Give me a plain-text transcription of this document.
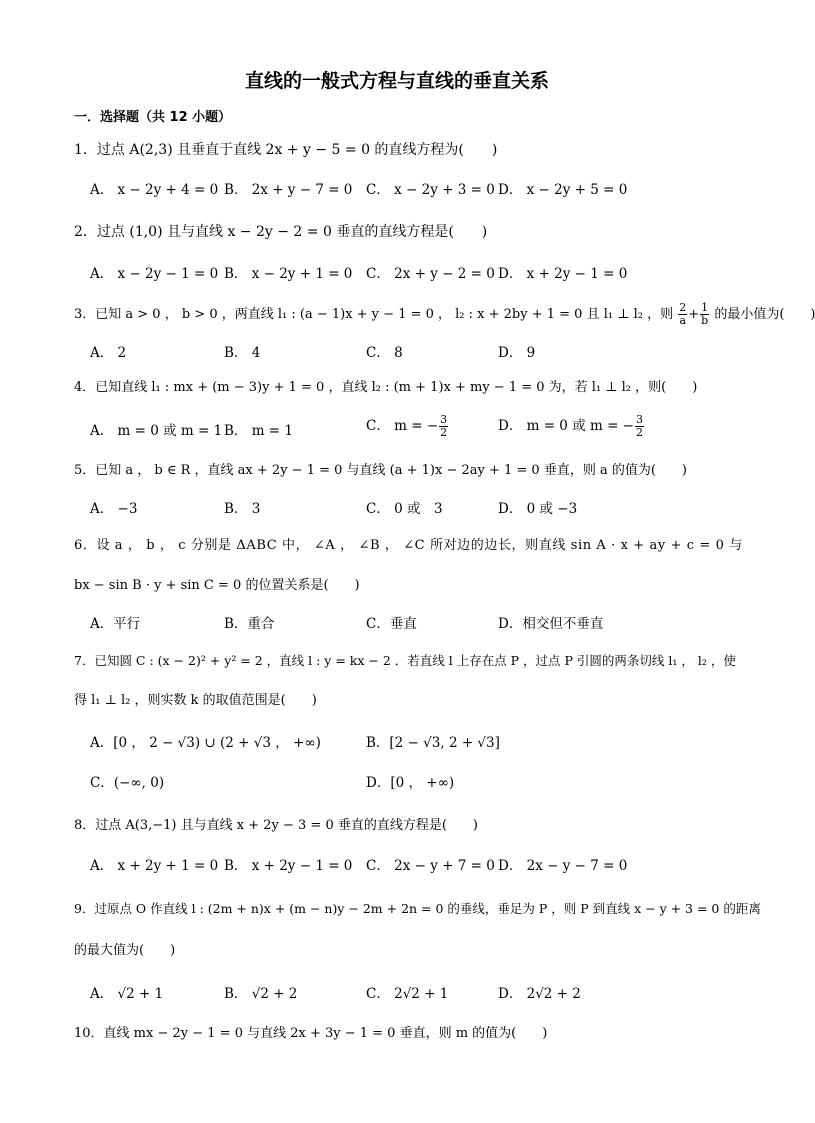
直线的一般式方程与直线的垂直关系
一．选择题（共 12 小题）
1．过点 A(2,3) 且垂直于直线 2x + y − 5 = 0 的直线方程为(　　)
A． x − 2y + 4 = 0 B． 2x + y − 7 = 0 C． x − 2y + 3 = 0 D． x − 2y + 5 = 0
2．过点 (1,0) 且与直线 x − 2y − 2 = 0 垂直的直线方程是(　　)
A． x − 2y − 1 = 0 B． x − 2y + 1 = 0 C． 2x + y − 2 = 0 D． x + 2y − 1 = 0
3．已知 a > 0 ， b > 0 ，两直线 l₁ : (a − 1)x + y − 1 = 0 ， l₂ : x + 2by + 1 = 0 且 l₁ ⊥ l₂ ，则 $\frac{2}{a} + \frac{1}{b}$ 的最小值为(　　)
A． 2	B． 4	C． 8	D． 9
4．已知直线 l₁ : mx + (m − 3)y + 1 = 0 ，直线 l₂ : (m + 1)x + my − 1 = 0 为，若 l₁ ⊥ l₂ ，则(　　)
A． m = 0 或 m = 1 B． m = 1	C． m = − $\frac{3}{2}$	D． m = 0 或 m = − $\frac{3}{2}$
5．已知 a ， b ∈ R ，直线 ax + 2y − 1 = 0 与直线 (a + 1)x − 2ay + 1 = 0 垂直，则 a 的值为(　　)
A． −3	B． 3	C． 0 或　3	D． 0 或 −3
6．设 a ， b ， c 分别是 ΔABC 中， ∠A ， ∠B ， ∠C 所对边的边长，则直线 sin A · x + ay + c = 0 与
bx − sin B · y + sin C = 0 的位置关系是(　　)
A．平行	B．重合	C．垂直	D．相交但不垂直
7．已知圆 C : (x − 2)² + y² = 2 ，直线 l : y = kx − 2 ．若直线 l 上存在点 P ，过点 P 引圆的两条切线 l₁ ， l₂ ，使
得 l₁ ⊥ l₂ ，则实数 k 的取值范围是(　　)
A．[0 ， 2 − √3) ∪ (2 + √3 ， +∞)	B．[2 − √3, 2 + √3]
C．(−∞, 0)	D．[0 ， +∞)
8．过点 A(3,−1) 且与直线 x + 2y − 3 = 0 垂直的直线方程是(　　)
A． x + 2y + 1 = 0 B． x + 2y − 1 = 0 C． 2x − y + 7 = 0 D． 2x − y − 7 = 0
9．过原点 O 作直线 l : (2m + n)x + (m − n)y − 2m + 2n = 0 的垂线，垂足为 P ，则 P 到直线 x − y + 3 = 0 的距离
的最大值为(　　)
A． √2 + 1	B． √2 + 2	C． 2√2 + 1	D． 2√2 + 2
10．直线 mx − 2y − 1 = 0 与直线 2x + 3y − 1 = 0 垂直，则 m 的值为(　　)
